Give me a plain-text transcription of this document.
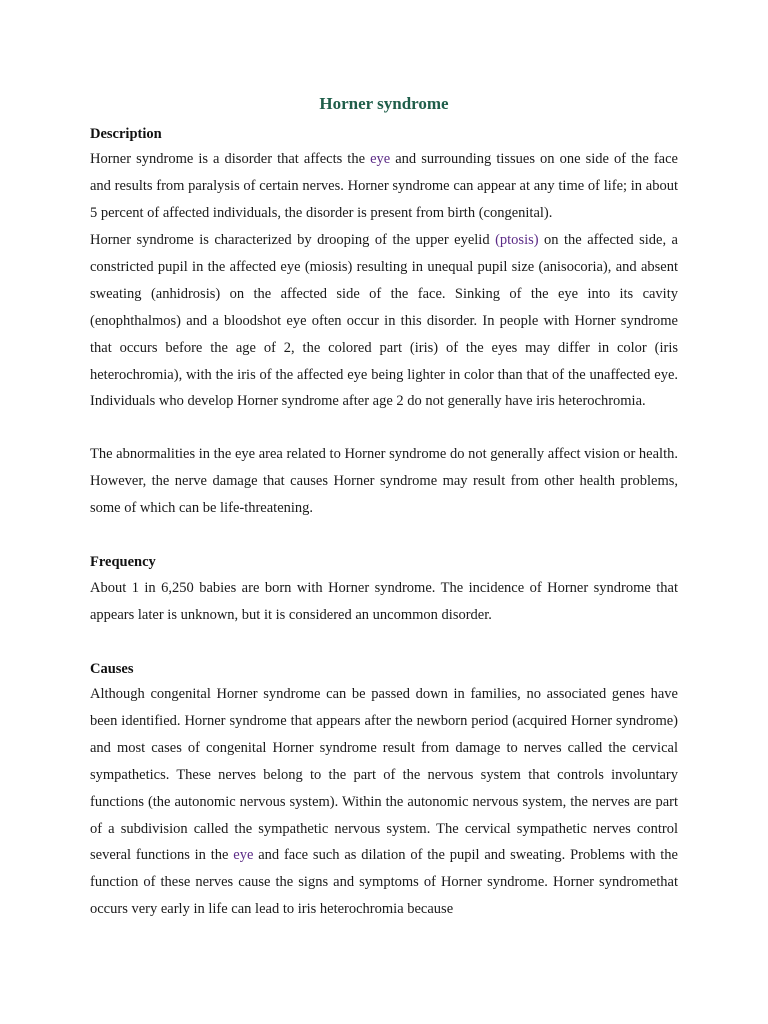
Horner syndrome
Description

Horner syndrome is a disorder that affects the eye and surrounding tissues on one side of the face and results from paralysis of certain nerves. Horner syndrome can appear at any time of life; in about 5 percent of affected individuals, the disorder is present from birth (congenital).

Horner syndrome is characterized by drooping of the upper eyelid (ptosis) on the affected side, a constricted pupil in the affected eye (miosis) resulting in unequal pupil size (anisocoria), and absent sweating (anhidrosis) on the affected side of the face. Sinking of the eye into its cavity (enophthalmos) and a bloodshot eye often occur in this disorder. In people with Horner syndrome that occurs before the age of 2, the colored part (iris) of the eyes may differ in color (iris heterochromia), with the iris of the affected eye being lighter in color than that of the unaffected eye. Individuals who develop Horner syndrome after age 2 do not generally have iris heterochromia.

The abnormalities in the eye area related to Horner syndrome do not generally affect vision or health. However, the nerve damage that causes Horner syndrome may result from other health problems, some of which can be life-threatening.

Frequency

About 1 in 6,250 babies are born with Horner syndrome. The incidence of Horner syndrome that appears later is unknown, but it is considered an uncommon disorder.

Causes

Although congenital Horner syndrome can be passed down in families, no associated genes have been identified. Horner syndrome that appears after the newborn period (acquired Horner syndrome) and most cases of congenital Horner syndrome result from damage to nerves called the cervical sympathetics. These nerves belong to the part of the nervous system that controls involuntary functions (the autonomic nervous system). Within the autonomic nervous system, the nerves are part of a subdivision called the sympathetic nervous system. The cervical sympathetic nerves control several functions in the eye and face such as dilation of the pupil and sweating. Problems with the function of these nerves cause the signs and symptoms of Horner syndrome. Horner syndromethat occurs very early in life can lead to iris heterochromia because
